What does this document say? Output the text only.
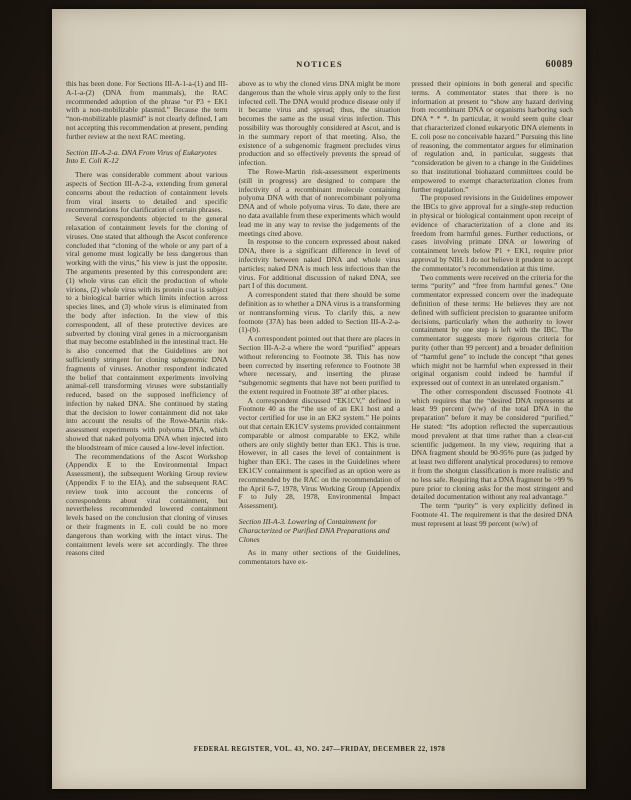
NOTICES	60089

this has been done. For Sections III-A-1-a-(1) and III-A-1-a-(2) (DNA from mammals), the RAC recommended adoption of the phrase “or P3 + EK1 with a non-mobilizable plasmid.” Because the term “non-mobilizable plasmid” is not clearly defined, I am not accepting this recommendation at present, pending further review at the next RAC meeting.

Section III-A-2-a. DNA From Virus of Eukaryotes Into E. Coli K-12

There was considerable comment about various aspects of Section III-A-2-a, extending from general concerns about the reduction of containment levels from viral inserts to detailed and specific recommendations for clarification of certain phrases.

Several correspondents objected to the general relaxation of containment levels for the cloning of viruses. One stated that although the Ascot conference concluded that “cloning of the whole or any part of a viral genome must logically be less dangerous than working with the virus,” his view is just the opposite. The arguments presented by this correspondent are: (1) whole virus can elicit the production of whole virions, (2) whole virus with its protein coat is subject to a biological barrier which limits infection across species lines, and (3) whole virus is eliminated from the body after infection. In the view of this correspondent, all of these protective devices are subverted by cloning viral genes in a microorganism that may become established in the intestinal tract. He is also concerned that the Guidelines are not sufficiently stringent for cloning subgenomic DNA fragments of viruses. Another respondent indicated the belief that containment experiments involving animal-cell transforming viruses were substantially reduced, based on the supposed inefficiency of infection by naked DNA. She continued by stating that the decision to lower containment did not take into account the results of the Rowe-Martin risk-assessment experiments with polyoma DNA, which showed that naked polyoma DNA when injected into the bloodstream of mice caused a low-level infection.

The recommendations of the Ascot Workshop (Appendix E to the Environmental Impact Assessment), the subsequent Working Group review (Appendix F to the EIA), and the subsequent RAC review took into account the concerns of correspondents about viral containment, but nevertheless recommended lowered containment levels based on the conclusion that cloning of viruses or their fragments in E. coli could be no more dangerous than working with the intact virus. The containment levels were set accordingly. The three reasons cited

above as to why the cloned virus DNA might be more dangerous than the whole virus apply only to the first infected cell. The DNA would produce disease only if it became virus and spread; thus, the situation becomes the same as the usual virus infection. This possibility was thoroughly considered at Ascot, and is in the summary report of that meeting. Also, the existence of a subgenomic fragment precludes virus production and so effectively prevents the spread of infection.

The Rowe-Martin risk-assessment experiments (still in progress) are designed to compare the infectivity of a recombinant molecule containing polyoma DNA with that of nonrecombinant polyoma DNA and of whole polyoma virus. To date, there are no data available from these experiments which would lead me in any way to revise the judgements of the meetings cited above.

In response to the concern expressed about naked DNA, there is a significant difference in level of infectivity between naked DNA and whole virus particles; naked DNA is much less infectious than the virus. For additional discussion of naked DNA, see part I of this document.

A correspondent stated that there should be some definition as to whether a DNA virus is a transforming or nontransforming virus. To clarify this, a new footnote (37A) has been added to Section III-A-2-a-(1)-(b).

A correspondent pointed out that there are places in Section III-A-2-a where the word “purified” appears without referencing to Footnote 38. This has now been corrected by inserting reference to Footnote 38 where necessary, and inserting the phrase “subgenomic segments that have not been purified to the extent required in Footnote 38” at other places.

A correspondent discussed “EK1CV,” defined in Footnote 40 as the “the use of an EK1 host and a vector certified for use in an EK2 system.” He points out that certain EK1CV systems provided containment comparable or almost comparable to EK2, while others are only slightly better than EK1. This is true. However, in all cases the level of containment is higher than EK1. The cases in the Guidelines where EK1CV containment is specified as an option were as recommended by the RAC on the recommendation of the April 6-7, 1978, Virus Working Group (Appendix F to July 28, 1978, Environmental Impact Assessment).

Section III-A-3. Lowering of Containment for Characterized or Purified DNA Preparations and Clones

As in many other sections of the Guidelines, commentators have ex-

pressed their opinions in both general and specific terms. A commentator states that there is no information at present to “show any hazard deriving from recombinant DNA or organisms harboring such DNA * * *. In particular, it would seem quite clear that characterized cloned eukaryotic DNA elements in E. coli pose no conceivable hazard.” Pursuing this line of reasoning, the commentator argues for elimination of regulation and, in particular, suggests that “consideration be given to a change in the Guidelines so that institutional biohazard committees could be empowered to exempt characterization clones from further regulation.”

The proposed revisions in the Guidelines empower the IBCs to give approval for a single-step reduction in physical or biological containment upon receipt of evidence of characterization of a clone and its freedom from harmful genes. Further reductions, or cases involving primate DNA or lowering of containment levels below P1 + EK1, require prior approval by NIH. I do not believe it prudent to accept the commentator’s recommendation at this time.

Two comments were received on the criteria for the terms “purity” and “free from harmful genes.” One commentator expressed concern over the inadequate definition of these terms: He believes they are not defined with sufficient precision to guarantee uniform decisions, particularly when the authority to lower containment by one step is left with the IBC. The commentator suggests more rigorous criteria for purity (other than 99 percent) and a broader definition of “harmful gene” to include the concept “that genes which might not be harmful when expressed in their original organism could indeed be harmful if expressed out of context in an unrelated organism.”

The other correspondent discussed Footnote 41 which requires that the “desired DNA represents at least 99 percent (w/w) of the total DNA in the preparation” before it may be considered “purified.” He stated: “Its adoption reflected the supercautious mood prevalent at that time rather than a clear-cut scientific judgement. In my view, requiring that a DNA fragment should be 90-95% pure (as judged by at least two different analytical procedures) to remove it from the shotgun classification is more realistic and no less safe. Requiring that a DNA fragment be >99 % pure prior to cloning asks for the most stringent and detailed documentation without any real advantage.”

The term “purity” is very explicitly defined in Footnote 41. The requirement is that the desired DNA must represent at least 99 percent (w/w) of

FEDERAL REGISTER, VOL. 43, NO. 247—FRIDAY, DECEMBER 22, 1978
